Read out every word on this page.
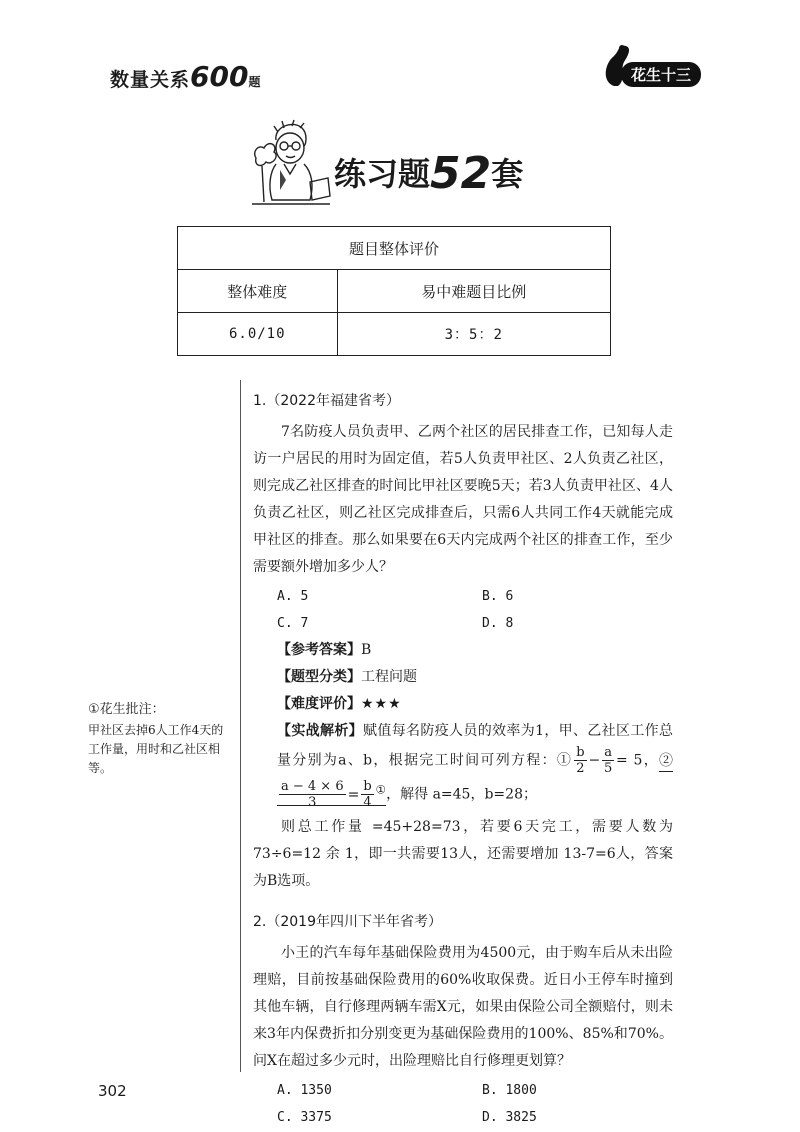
数量关系600题	花生十三
练习题52套
题目整体评价	
整体难度	易中难题目比例
6.0/10	3：5：2
①花生批注：
甲社区去掉6人工作4天的工作量，用时和乙社区相等。

1.（2022年福建省考）

7名防疫人员负责甲、乙两个社区的居民排查工作，已知每人走访一户居民的用时为固定值，若5人负责甲社区、2人负责乙社区，则完成乙社区排查的时间比甲社区要晚5天；若3人负责甲社区、4人负责乙社区，则乙社区完成排查后，只需6人共同工作4天就能完成甲社区的排查。那么如果要在6天内完成两个社区的排查工作，至少需要额外增加多少人？

A. 5	B. 6
C. 7	D. 8

【参考答案】B

【题型分类】工程问题

【难度评价】★★★

【实战解析】赋值每名防疫人员的效率为1，甲、乙社区工作总量分别为a、b，根据完工时间可列方程：① $\frac{b}{2} - \frac{a}{5} = 5$，②
$\frac{a - 4 \times 6}{3} = \frac{b}{4} ^①$，解得 a=45，b=28；

则总工作量 =45+28=73，若要6天完工，需要人数为 73÷6=12 余 1，即一共需要13人，还需要增加 13-7=6人，答案为B选项。

2.（2019年四川下半年省考）

小王的汽车每年基础保险费用为4500元，由于购车后从未出险理赔，目前按基础保险费用的60%收取保费。近日小王停车时撞到其他车辆，自行修理两辆车需X元，如果由保险公司全额赔付，则未来3年内保费折扣分别变更为基础保险费用的100%、85%和70%。问X在超过多少元时，出险理赔比自行修理更划算？

A. 1350	B. 1800
C. 3375	D. 3825
302
